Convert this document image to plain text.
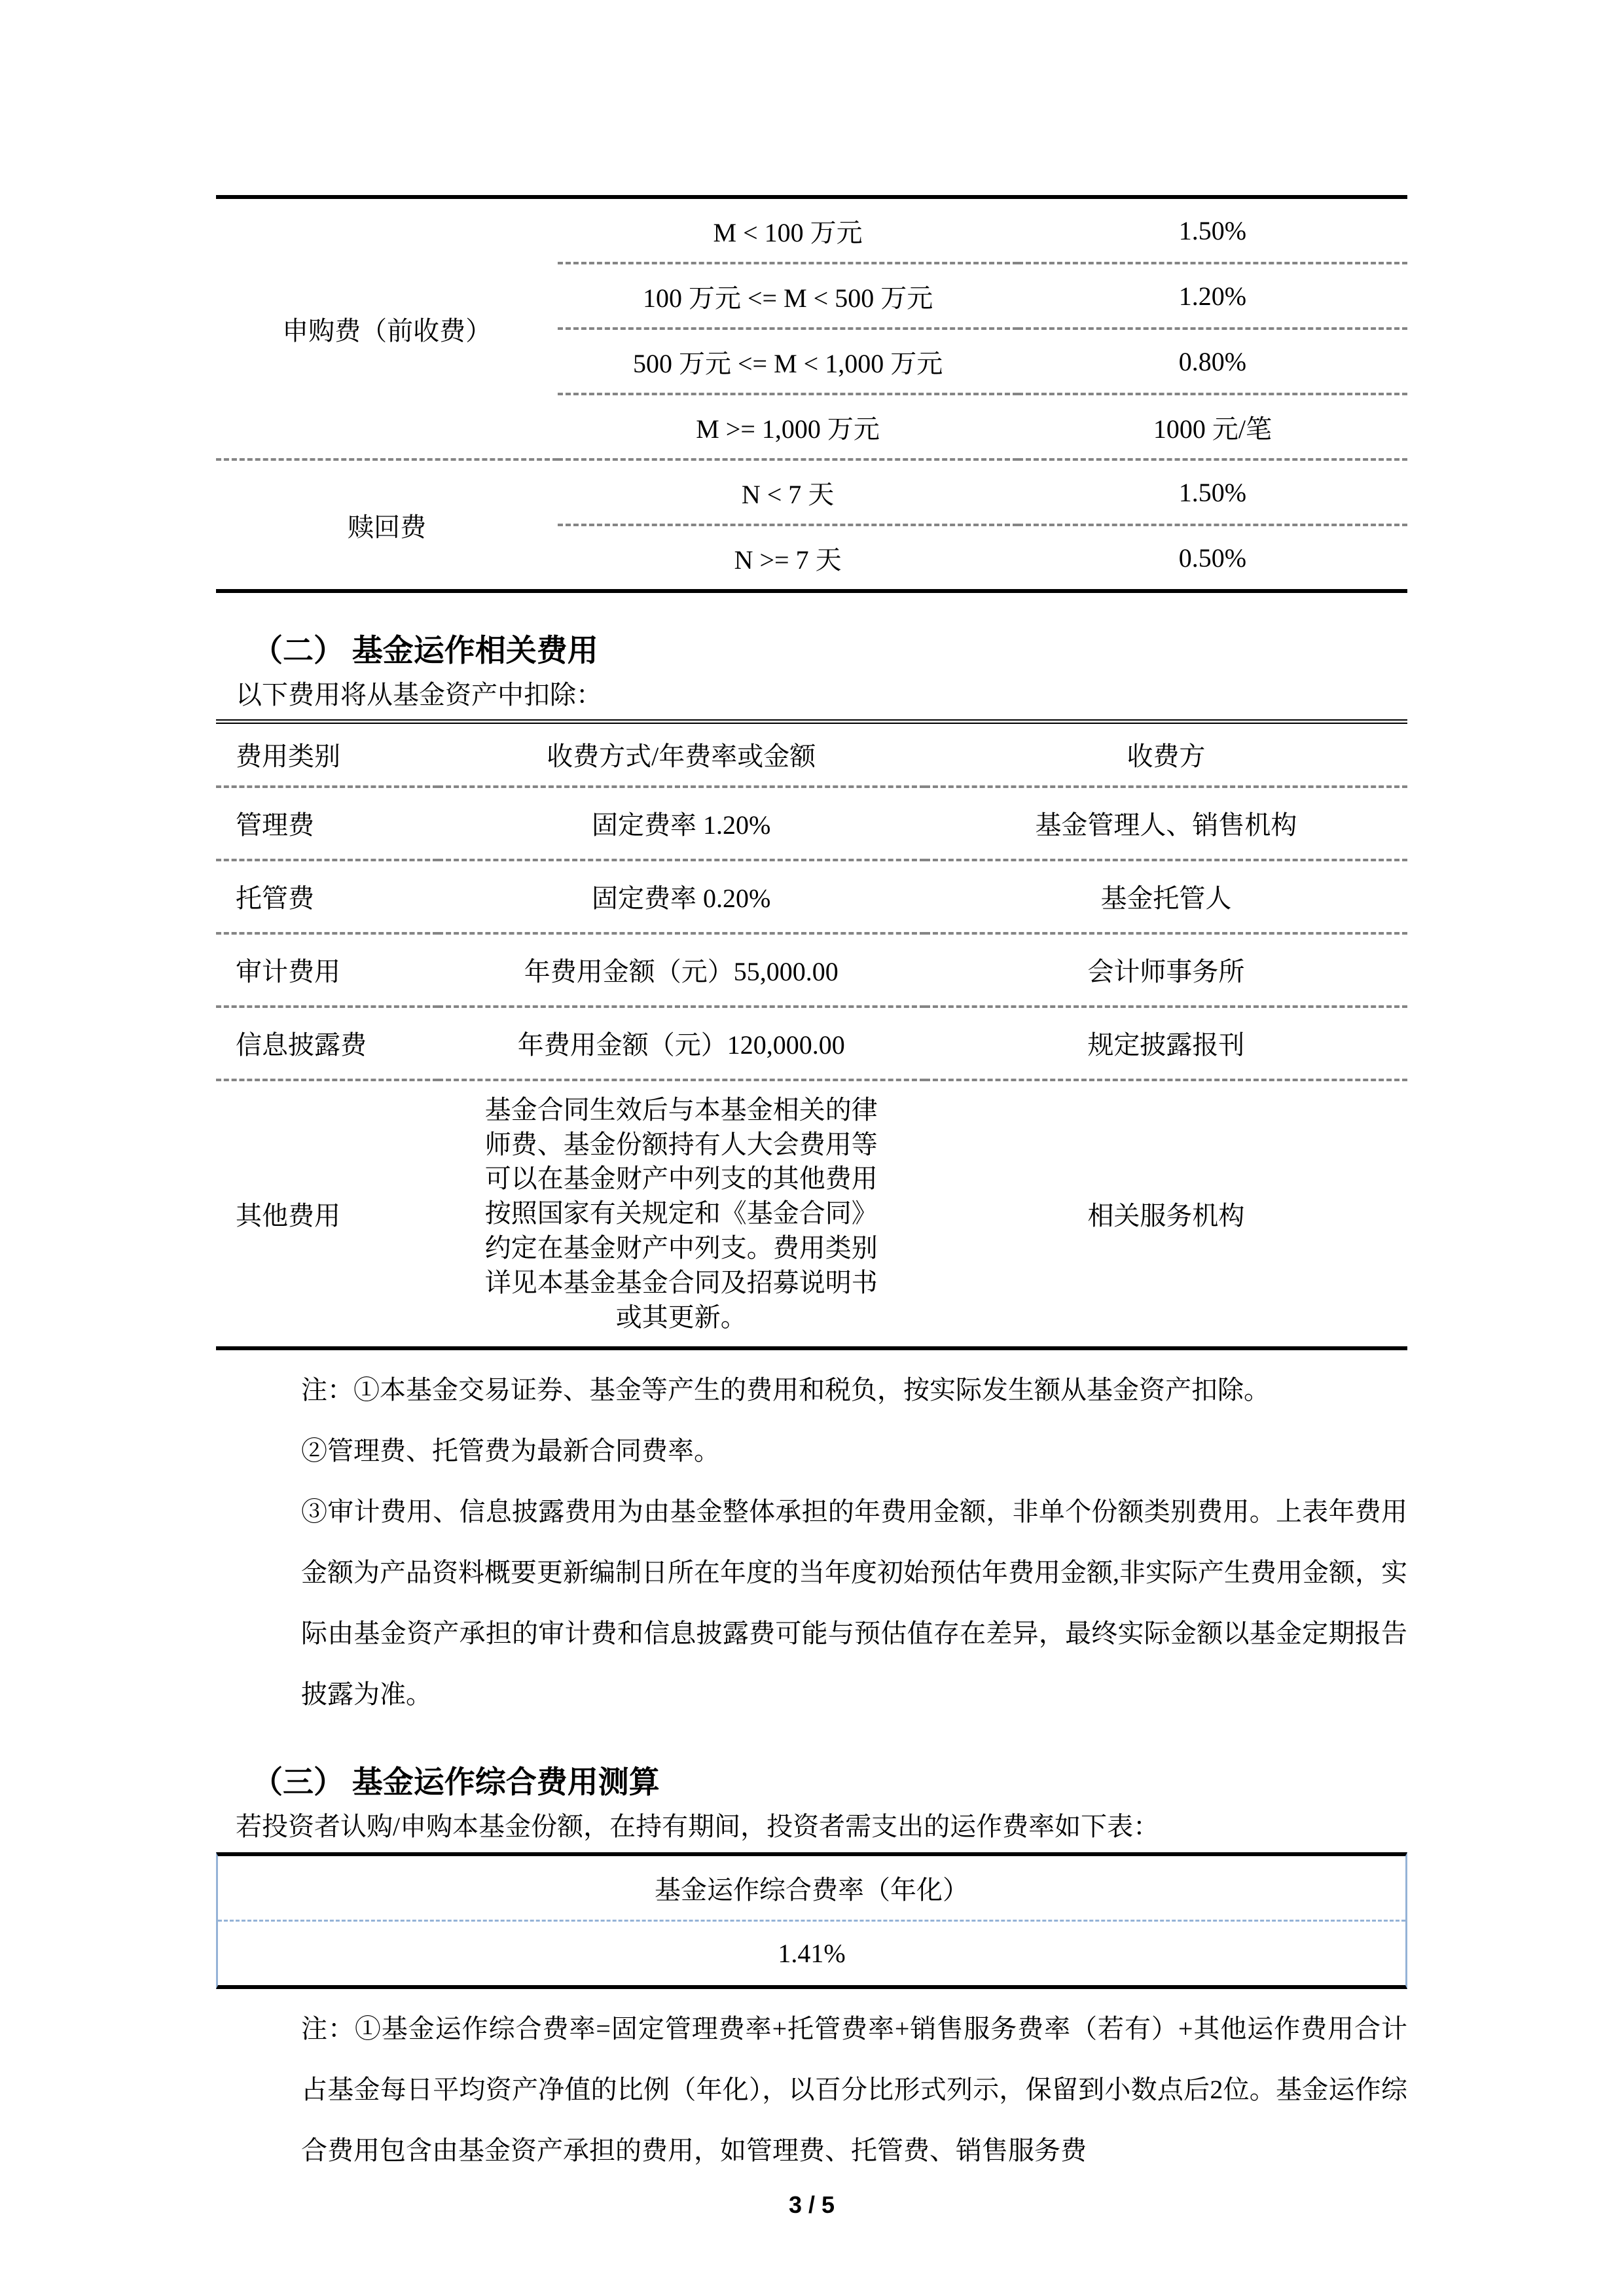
申购费（前收费）	M < 100 万元	1.50%
	100 万元 <= M < 500 万元	1.20%
	500 万元 <= M < 1,000 万元	0.80%
	M >= 1,000 万元	1000 元/笔
赎回费	N < 7 天	1.50%
	N >= 7 天	0.50%
（二） 基金运作相关费用
以下费用将从基金资产中扣除：
费用类别	收费方式/年费率或金额	收费方
管理费	固定费率 1.20%	基金管理人、销售机构
托管费	固定费率 0.20%	基金托管人
审计费用	年费用金额（元）55,000.00	会计师事务所
信息披露费	年费用金额（元）120,000.00	规定披露报刊
其他费用	基金合同生效后与本基金相关的律师费、基金份额持有人大会费用等可以在基金财产中列支的其他费用按照国家有关规定和《基金合同》约定在基金财产中列支。费用类别详见本基金基金合同及招募说明书或其更新。	相关服务机构

注：①本基金交易证券、基金等产生的费用和税负，按实际发生额从基金资产扣除。

②管理费、托管费为最新合同费率。

③审计费用、信息披露费用为由基金整体承担的年费用金额，非单个份额类别费用。上表年费用金额为产品资料概要更新编制日所在年度的当年度初始预估年费用金额,非实际产生费用金额，实际由基金资产承担的审计费和信息披露费可能与预估值存在差异，最终实际金额以基金定期报告披露为准。

（三） 基金运作综合费用测算
若投资者认购/申购本基金份额，在持有期间，投资者需支出的运作费率如下表：
基金运作综合费率（年化）
1.41%

注：①基金运作综合费率=固定管理费率+托管费率+销售服务费率（若有）+其他运作费用合计占基金每日平均资产净值的比例（年化），以百分比形式列示，保留到小数点后2位。基金运作综合费用包含由基金资产承担的费用，如管理费、托管费、销售服务费

3 / 5
